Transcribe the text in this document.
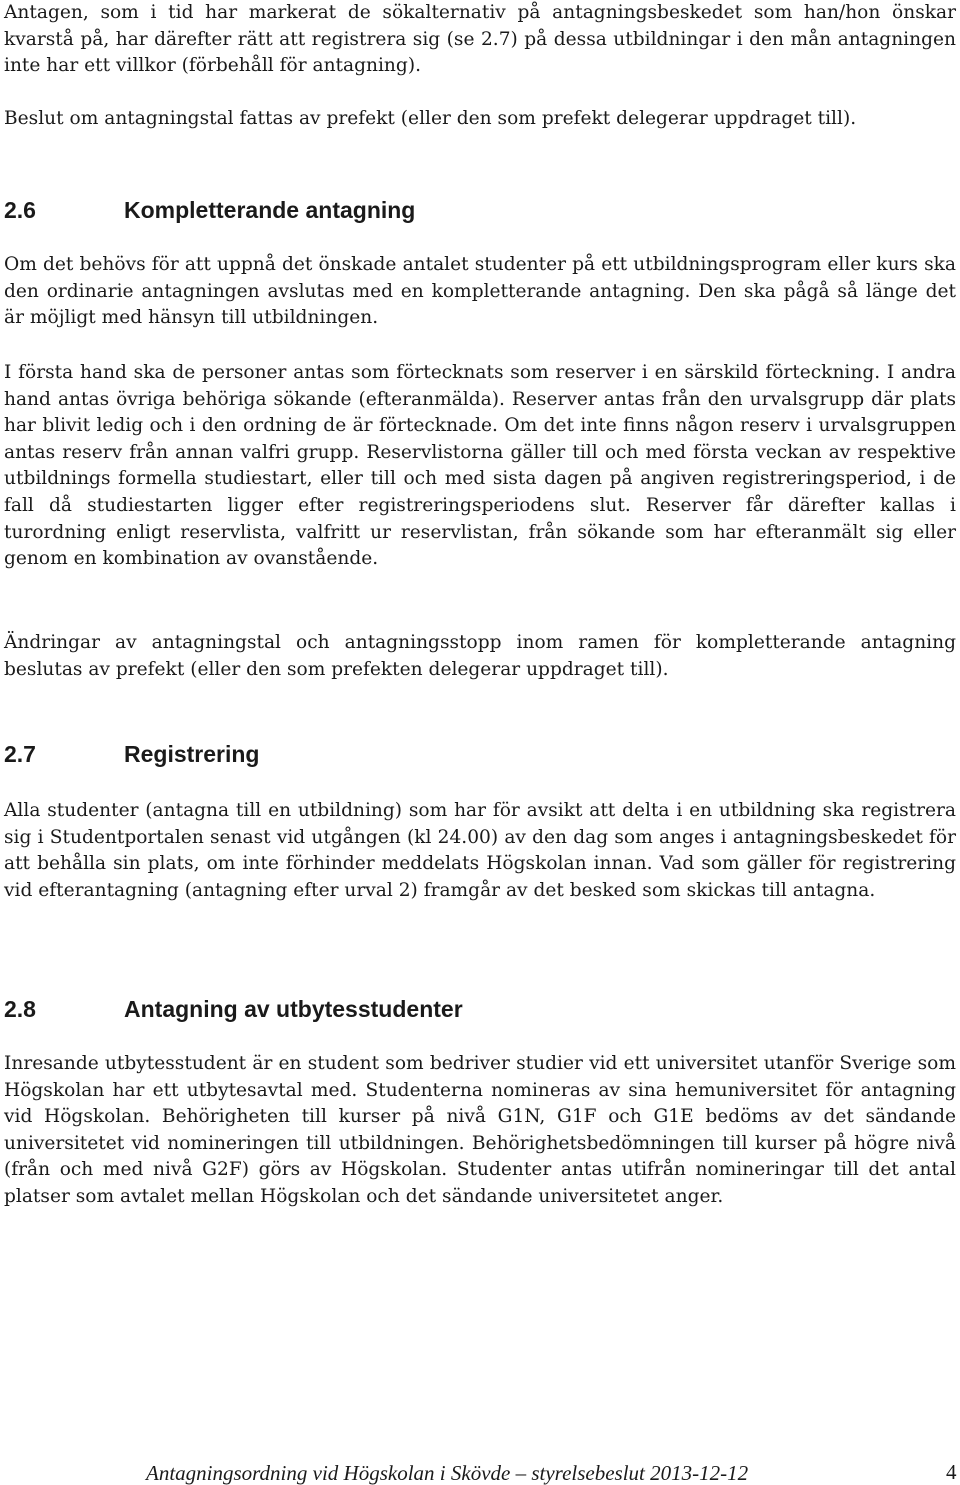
Antagen, som i tid har markerat de sökalternativ på antagningsbeskedet som han/hon önskar kvarstå på, har därefter rätt att registrera sig (se 2.7) på dessa utbildningar i den mån antagningen inte har ett villkor (förbehåll för antagning).

Beslut om antagningstal fattas av prefekt (eller den som prefekt delegerar uppdraget till).

2.6	Kompletterande antagning

Om det behövs för att uppnå det önskade antalet studenter på ett utbildningsprogram eller kurs ska den ordinarie antagningen avslutas med en kompletterande antagning. Den ska pågå så länge det är möjligt med hänsyn till utbildningen.

I första hand ska de personer antas som förtecknats som reserver i en särskild förteckning. I andra hand antas övriga behöriga sökande (efteranmälda). Reserver antas från den urvalsgrupp där plats har blivit ledig och i den ordning de är förtecknade. Om det inte finns någon reserv i urvalsgruppen antas reserv från annan valfri grupp. Reservlistorna gäller till och med första veckan av respektive utbildnings formella studiestart, eller till och med sista dagen på angiven registreringsperiod, i de fall då studiestarten ligger efter registreringsperiodens slut. Reserver får därefter kallas i turordning enligt reservlista, valfritt ur reservlistan, från sökande som har efteranmält sig eller genom en kombination av ovanstående.

Ändringar av antagningstal och antagningsstopp inom ramen för kompletterande antagning beslutas av prefekt (eller den som prefekten delegerar uppdraget till).

2.7	Registrering

Alla studenter (antagna till en utbildning) som har för avsikt att delta i en utbildning ska registrera sig i Studentportalen senast vid utgången (kl 24.00) av den dag som anges i antagningsbeskedet för att behålla sin plats, om inte förhinder meddelats Högskolan innan. Vad som gäller för registrering vid efterantagning (antagning efter urval 2) framgår av det besked som skickas till antagna.

2.8	Antagning av utbytesstudenter

Inresande utbytesstudent är en student som bedriver studier vid ett universitet utanför Sverige som Högskolan har ett utbytesavtal med. Studenterna nomineras av sina hemuniversitet för antagning vid Högskolan. Behörigheten till kurser på nivå G1N, G1F och G1E bedöms av det sändande universitetet vid nomineringen till utbildningen. Behörighetsbedömningen till kurser på högre nivå (från och med nivå G2F) görs av Högskolan. Studenter antas utifrån nomineringar till det antal platser som avtalet mellan Högskolan och det sändande universitetet anger.

Antagningsordning vid Högskolan i Skövde – styrelsebeslut 2013-12-12	4
